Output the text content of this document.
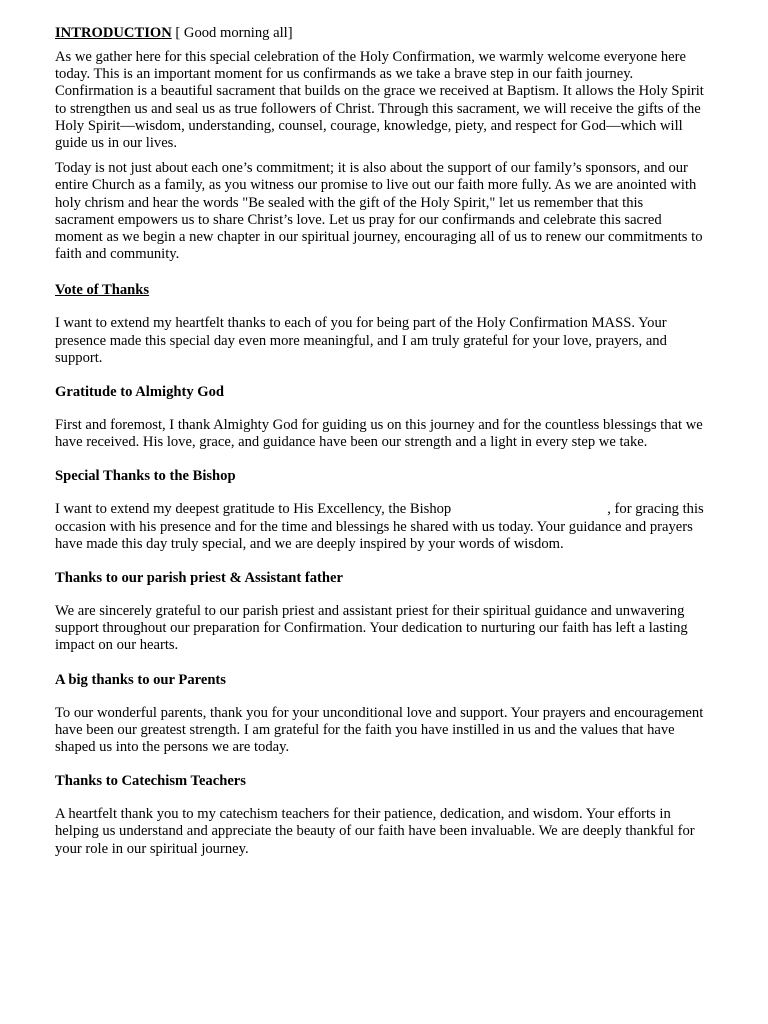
INTRODUCTION [ Good morning all]

As we gather here for this special celebration of the Holy Confirmation, we warmly welcome everyone here today. This is an important moment for us confirmands as we take a brave step in our faith journey. Confirmation is a beautiful sacrament that builds on the grace we received at Baptism. It allows the Holy Spirit to strengthen us and seal us as true followers of Christ. Through this sacrament, we will receive the gifts of the Holy Spirit—wisdom, understanding, counsel, courage, knowledge, piety, and respect for God—which will guide us in our lives.

Today is not just about each one’s commitment; it is also about the support of our family’s sponsors, and our entire Church as a family, as you witness our promise to live out our faith more fully. As we are anointed with holy chrism and hear the words "Be sealed with the gift of the Holy Spirit," let us remember that this sacrament empowers us to share Christ’s love. Let us pray for our confirmands and celebrate this sacred moment as we begin a new chapter in our spiritual journey, encouraging all of us to renew our commitments to faith and community.

Vote of Thanks

I want to extend my heartfelt thanks to each of you for being part of the Holy Confirmation MASS. Your presence made this special day even more meaningful, and I am truly grateful for your love, prayers, and support.

Gratitude to Almighty God

First and foremost, I thank Almighty God for guiding us on this journey and for the countless blessings that we have received. His love, grace, and guidance have been our strength and a light in every step we take.

Special Thanks to the Bishop

I want to extend my deepest gratitude to His Excellency, the Bishop	, for gracing this occasion with his presence and for the time and blessings he shared with us today. Your guidance and prayers have made this day truly special, and we are deeply inspired by your words of wisdom.

Thanks to our parish priest & Assistant father

We are sincerely grateful to our parish priest and assistant priest for their spiritual guidance and unwavering support throughout our preparation for Confirmation. Your dedication to nurturing our faith has left a lasting impact on our hearts.

A big thanks to our Parents

To our wonderful parents, thank you for your unconditional love and support. Your prayers and encouragement have been our greatest strength. I am grateful for the faith you have instilled in us and the values that have shaped us into the persons we are today.

Thanks to Catechism Teachers

A heartfelt thank you to my catechism teachers for their patience, dedication, and wisdom. Your efforts in helping us understand and appreciate the beauty of our faith have been invaluable. We are deeply thankful for your role in our spiritual journey.
